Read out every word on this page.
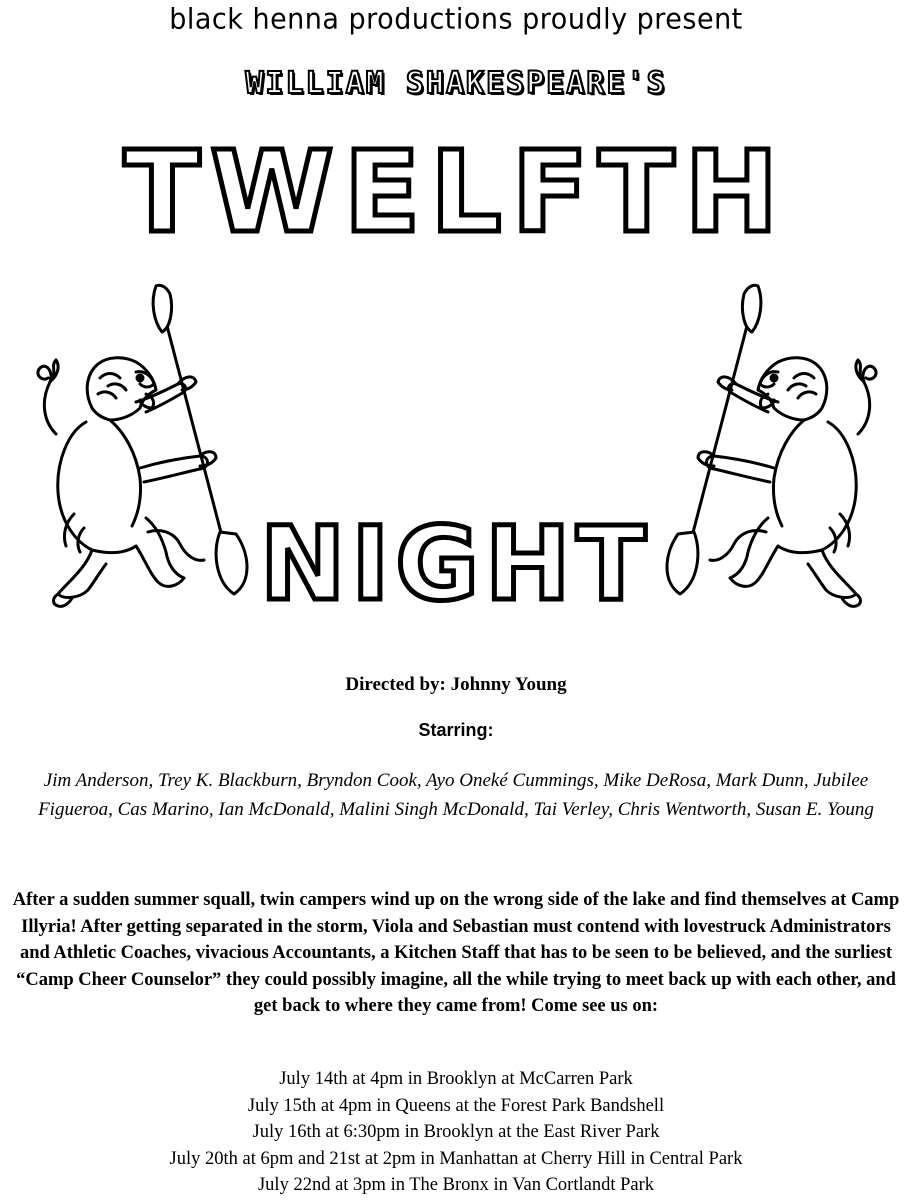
black henna productions proudly present
WILLIAM SHAKESPEARE'S
TWELFTH
NIGHT
Directed by: Johnny Young
Starring:
Jim Anderson, Trey K. Blackburn, Bryndon Cook, Ayo Oneké Cummings, Mike DeRosa, Mark Dunn, Jubilee Figueroa, Cas Marino, Ian McDonald, Malini Singh McDonald, Tai Verley, Chris Wentworth, Susan E. Young
After a sudden summer squall, twin campers wind up on the wrong side of the lake and find themselves at Camp Illyria! After getting separated in the storm, Viola and Sebastian must contend with lovestruck Administrators and Athletic Coaches, vivacious Accountants, a Kitchen Staff that has to be seen to be believed, and the surliest “Camp Cheer Counselor” they could possibly imagine, all the while trying to meet back up with each other, and get back to where they came from! Come see us on:
July 14th at 4pm in Brooklyn at McCarren Park
July 15th at 4pm in Queens at the Forest Park Bandshell
July 16th at 6:30pm in Brooklyn at the East River Park
July 20th at 6pm and 21st at 2pm in Manhattan at Cherry Hill in Central Park
July 22nd at 3pm in The Bronx in Van Cortlandt Park
